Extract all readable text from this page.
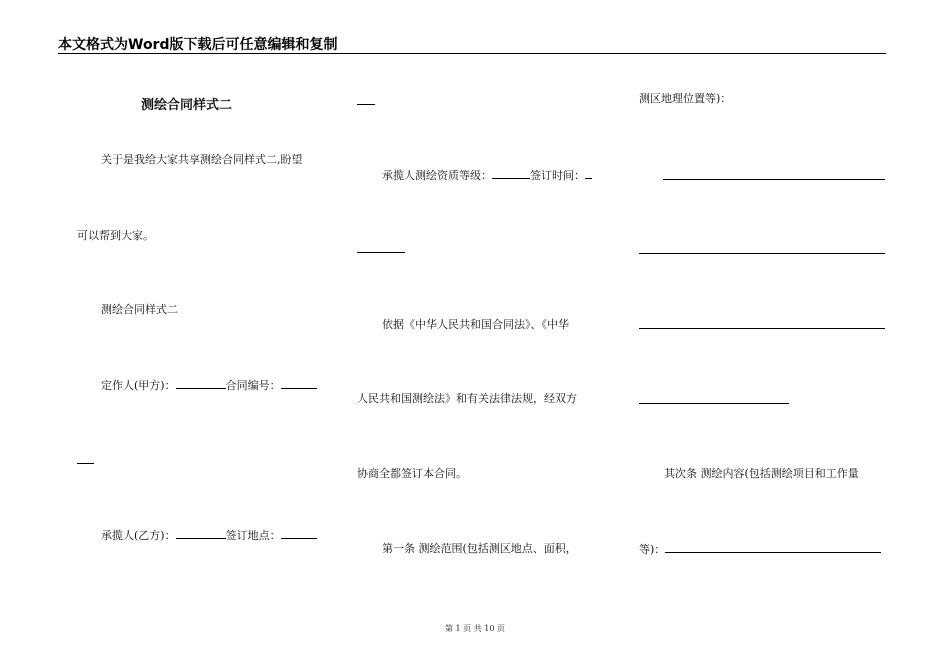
本文格式为Word版下载后可任意编辑和复制
测绘合同样式二
关于是我给大家共享测绘合同样式二,盼望
可以帮到大家。
测绘合同样式二
定作人(甲方)：	合同编号：
承揽人(乙方)：	签订地点：
承揽人测绘资质等级：	签订时间：
依据《中华人民共和国合同法》、《中华
人民共和国测绘法》和有关法律法规，经双方
协商全都签订本合同。
第一条 测绘范围(包括测区地点、面积，
测区地理位置等)：
其次条 测绘内容(包括测绘项目和工作量
等)：
第 1 页 共 10 页
